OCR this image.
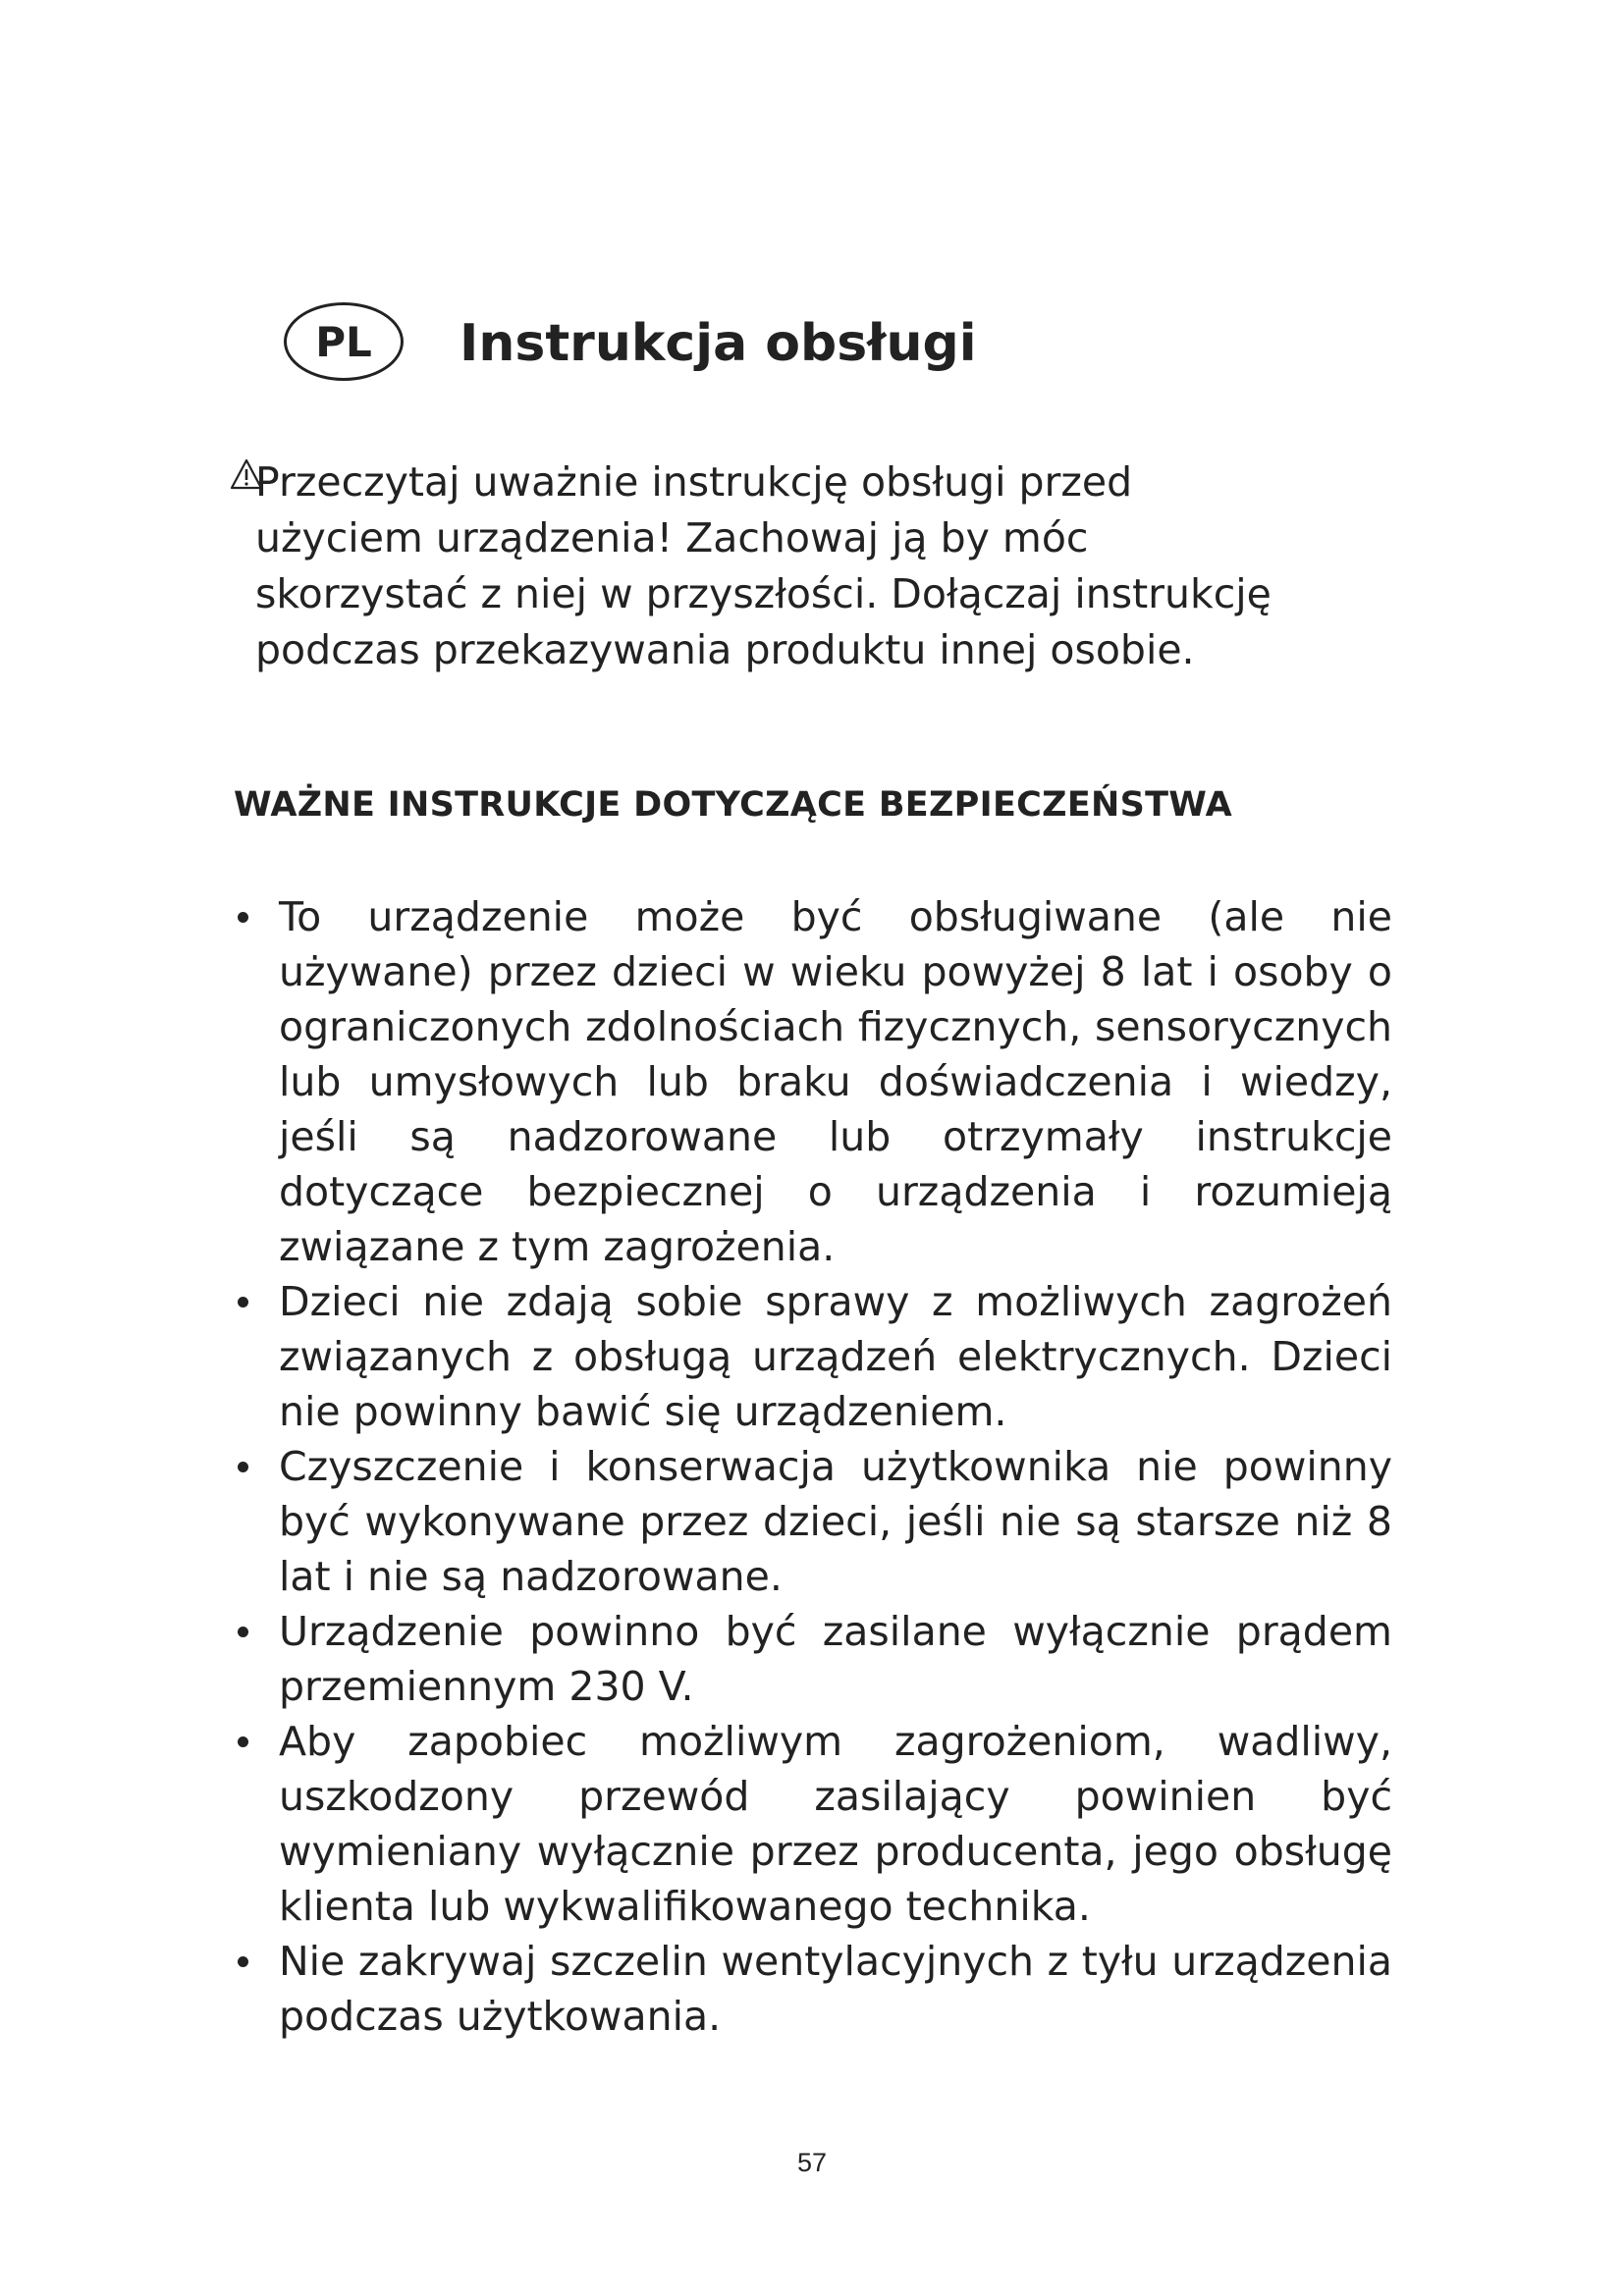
PL Instrukcja obsługi

Przeczytaj uważnie instrukcję obsługi przed użyciem urządzenia! Zachowaj ją by móc skorzystać z niej w przyszłości. Dołączaj instrukcję podczas przekazywania produktu innej osobie.

WAŻNE INSTRUKCJE DOTYCZĄCE BEZPIECZEŃSTWA
To urządzenie może być obsługiwane (ale nie używane) przez dzieci w wieku powyżej 8 lat i osoby o ograniczonych zdolnościach fizycznych, sensorycznych lub umysłowych lub braku doświadczenia i wiedzy, jeśli są nadzorowane lub otrzymały instrukcje dotyczące bezpiecznej o urządzenia i rozumieją związane z tym zagrożenia.
Dzieci nie zdają sobie sprawy z możliwych zagrożeń związanych z obsługą urządzeń elektrycznych. Dzieci nie powinny bawić się urządzeniem.
Czyszczenie i konserwacja użytkownika nie powinny być wykonywane przez dzieci, jeśli nie są starsze niż 8 lat i nie są nadzorowane.
Urządzenie powinno być zasilane wyłącznie prądem przemiennym 230 V.
Aby zapobiec możliwym zagrożeniom, wadliwy, uszkodzony przewód zasilający powinien być wymieniany wyłącznie przez producenta, jego obsługę klienta lub wykwalifikowanego technika.
Nie zakrywaj szczelin wentylacyjnych z tyłu urządzenia podczas użytkowania.
57
